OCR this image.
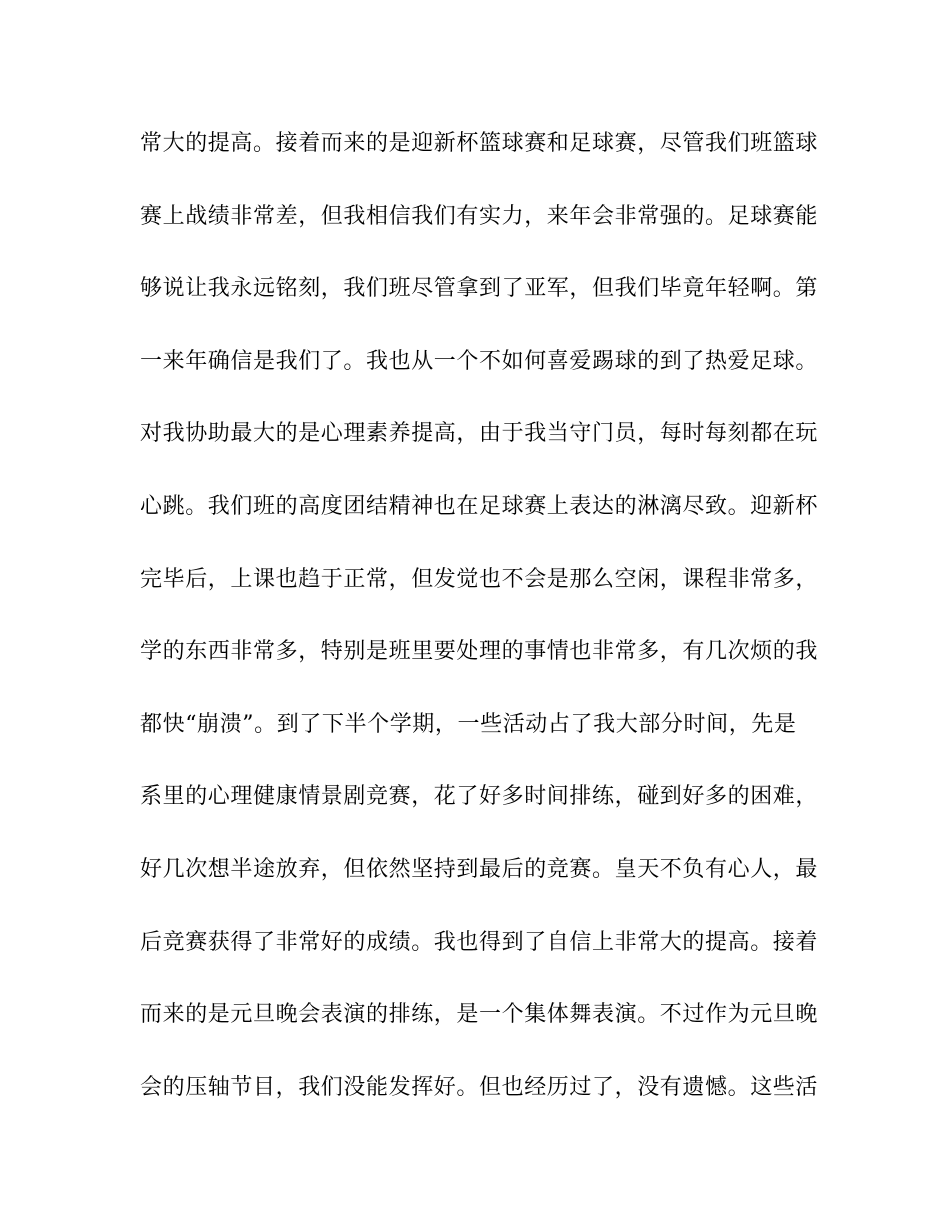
常大的提高。接着而来的是迎新杯篮球赛和足球赛，尽管我们班篮球
赛上战绩非常差，但我相信我们有实力，来年会非常强的。足球赛能
够说让我永远铭刻，我们班尽管拿到了亚军，但我们毕竟年轻啊。第
一来年确信是我们了。我也从一个不如何喜爱踢球的到了热爱足球。
对我协助最大的是心理素养提高，由于我当守门员，每时每刻都在玩
心跳。我们班的高度团结精神也在足球赛上表达的淋漓尽致。迎新杯
完毕后，上课也趋于正常，但发觉也不会是那么空闲，课程非常多，
学的东西非常多，特别是班里要处理的事情也非常多，有几次烦的我
都快“崩溃”。到了下半个学期，一些活动占了我大部分时间，先是
系里的心理健康情景剧竞赛，花了好多时间排练，碰到好多的困难，
好几次想半途放弃，但依然坚持到最后的竞赛。皇天不负有心人，最
后竞赛获得了非常好的成绩。我也得到了自信上非常大的提高。接着
而来的是元旦晚会表演的排练，是一个集体舞表演。不过作为元旦晚
会的压轴节目，我们没能发挥好。但也经历过了，没有遗憾。这些活
